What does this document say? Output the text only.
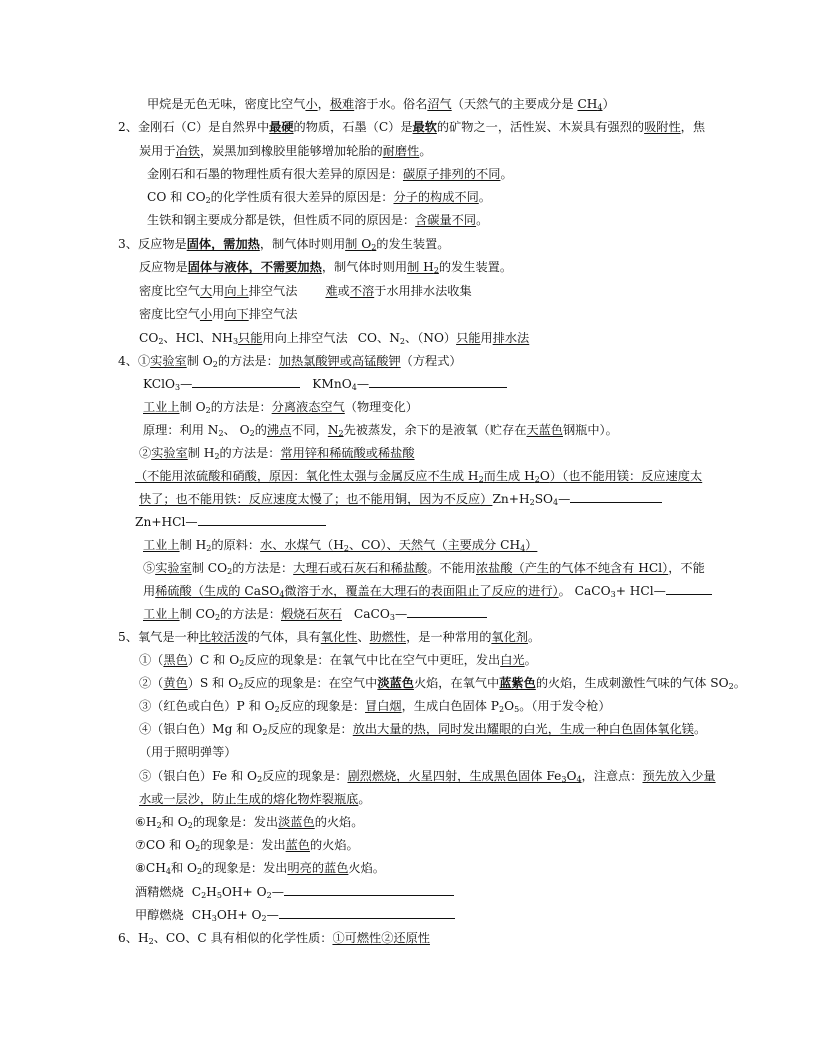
甲烷是无色无味，密度比空气小，极难溶于水。俗名沼气（天然气的主要成分是 $CH_4$）
2、金刚石（C）是自然界中最硬的物质，石墨（C）是最软的矿物之一，活性炭、木炭具有强烈的吸附性，焦
炭用于冶铁，炭黑加到橡胶里能够增加轮胎的耐磨性。
金刚石和石墨的物理性质有很大差异的原因是：碳原子排列的不同。
CO 和 $CO_2$的化学性质有很大差异的原因是：分子的构成不同。
生铁和钢主要成分都是铁，但性质不同的原因是：含碳量不同。
3、反应物是固体，需加热，制气体时则用制 $O_2$的发生装置。
反应物是固体与液体，不需要加热，制气体时则用制 $H_2$的发生装置。
密度比空气大用向上排空气法 难或不溶于水用排水法收集
密度比空气小用向下排空气法
$CO_2$、HCl、$NH_3$只能用向上排空气法 CO、$N_2$、（NO）只能用排水法
4、①实验室制 $O_2$的方法是：加热氯酸钾或高锰酸钾（方程式）
KClO$_3$—	KMnO$_4$—
工业上制 $O_2$的方法是：分离液态空气（物理变化）
原理：利用 $N_2$、 $O_2$的沸点不同，$N_2$先被蒸发，余下的是液氧（贮存在天蓝色钢瓶中）。
②实验室制 $H_2$的方法是：常用锌和稀硫酸或稀盐酸
（不能用浓硫酸和硝酸，原因：氧化性太强与金属反应不生成 $H_2$而生成 $H_2O$）（也不能用镁：反应速度太
快了；也不能用铁：反应速度太慢了；也不能用铜，因为不反应）$Zn+H_2SO_4—$
Zn+HCl—
工业上制 $H_2$的原料：水、水煤气（$H_2$、CO）、天然气（主要成分 $CH_4$）
⑤实验室制 $CO_2$的方法是：大理石或石灰石和稀盐酸。不能用浓盐酸（产生的气体不纯含有 HCl），不能
用稀硫酸（生成的 CaSO$_4$微溶于水，覆盖在大理石的表面阻止了反应的进行）。 CaCO$_3$+ HCl—
工业上制 $CO_2$的方法是：煅烧石灰石 CaCO$_3$—
5、氧气是一种比较活泼的气体，具有氧化性、助燃性，是一种常用的氧化剂。
①（黑色）C 和 $O_2$反应的现象是：在氧气中比在空气中更旺，发出白光。
②（黄色）S 和 $O_2$反应的现象是：在空气中淡蓝色火焰，在氧气中蓝紫色的火焰，生成刺激性气味的气体 $SO_2$。
③（红色或白色）P 和 $O_2$反应的现象是：冒白烟，生成白色固体 $P_2O_5$。（用于发令枪）
④（银白色）Mg 和 $O_2$反应的现象是：放出大量的热，同时发出耀眼的白光，生成一种白色固体氧化镁。
（用于照明弹等）
⑤（银白色）Fe 和 $O_2$反应的现象是：剧烈燃烧，火星四射，生成黑色固体 $Fe_3O_4$，注意点：预先放入少量
水或一层沙，防止生成的熔化物炸裂瓶底。
$⑥H_2$和 $O_2$的现象是：发出淡蓝色的火焰。
⑦CO 和 $O_2$的现象是：发出蓝色的火焰。
$⑧CH_4$和 $O_2$的现象是：发出明亮的蓝色火焰。
酒精燃烧 $C_2H_5OH+$ $O_2—$
甲醇燃烧 $CH_3OH+$ $O_2—$
6、$H_2$、CO、C 具有相似的化学性质：①可燃性②还原性
